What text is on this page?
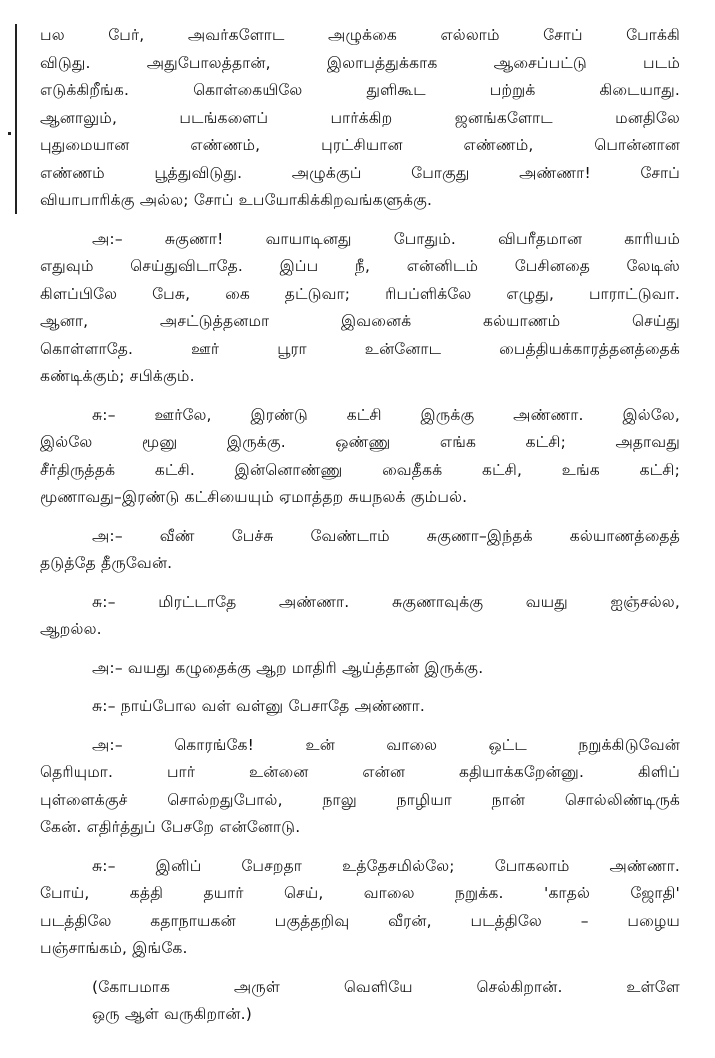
பல பேர், அவர்களோட அழுக்கை எல்லாம் சோப் போக்கி
விடுது. அதுபோலத்தான், இலாபத்துக்காக ஆசைப்பட்டு படம்
எடுக்கிறீங்க. கொள்கையிலே துளிகூட பற்றுக் கிடையாது.
ஆனாலும், படங்களைப் பார்க்கிற ஜனங்களோட மனதிலே
புதுமையான எண்ணம், புரட்சியான எண்ணம், பொன்னான
எண்ணம் பூத்துவிடுது. அழுக்குப் போகுது அண்ணா! சோப்
வியாபாரிக்கு அல்ல; சோப் உபயோகிக்கிறவங்களுக்கு.

அ:– சுகுணா! வாயாடினது போதும். விபரீதமான காரியம்
எதுவும் செய்துவிடாதே. இப்ப நீ, என்னிடம் பேசினதை லேடிஸ்
கிளப்பிலே பேசு, கை தட்டுவா; ரிபப்ளிக்லே எழுது, பாராட்டுவா.
ஆனா, அசட்டுத்தனமா இவனைக் கல்யாணம் செய்து
கொள்ளாதே. ஊர் பூரா உன்னோட பைத்தியக்காரத்தனத்தைக்
கண்டிக்கும்; சபிக்கும்.

சு:– ஊர்லே, இரண்டு கட்சி இருக்கு அண்ணா. இல்லே,
இல்லே மூனு இருக்கு. ஒண்ணு எங்க கட்சி; அதாவது
சீர்திருத்தக் கட்சி. இன்னொண்ணு வைதீகக் கட்சி, உங்க கட்சி;
மூணாவது–இரண்டு கட்சியையும் ஏமாத்தற சுயநலக் கும்பல்.

அ:– வீண் பேச்சு வேண்டாம் சுகுணா–இந்தக் கல்யாணத்தைத்
தடுத்தே தீருவேன்.

சு:– மிரட்டாதே அண்ணா. சுகுணாவுக்கு வயது ஐஞ்சல்ல,
ஆறல்ல.

அ:– வயது கழுதைக்கு ஆற மாதிரி ஆய்த்தான் இருக்கு.

சு:– நாய்போல வள் வள்னு பேசாதே அண்ணா.

அ:– கொரங்கே! உன் வாலை ஒட்ட நறுக்கிடுவேன்
தெரியுமா. பார் உன்னை என்ன கதியாக்கறேன்னு. கிளிப்
புள்ளைக்குச் சொல்றதுபோல், நாலு நாழியா நான் சொல்லிண்டிருக்
கேன். எதிர்த்துப் பேசறே என்னோடு.

சு:– இனிப் பேசறதா உத்தேசமில்லே; போகலாம் அண்ணா.
போய், கத்தி தயார் செய், வாலை நறுக்க. 'காதல் ஜோதி'
படத்திலே கதாநாயகன் பகுத்தறிவு வீரன், படத்திலே – பழைய
பஞ்சாங்கம், இங்கே.

(கோபமாக அருள் வெளியே செல்கிறான். உள்ளே
ஒரு ஆள் வருகிறான்.)
